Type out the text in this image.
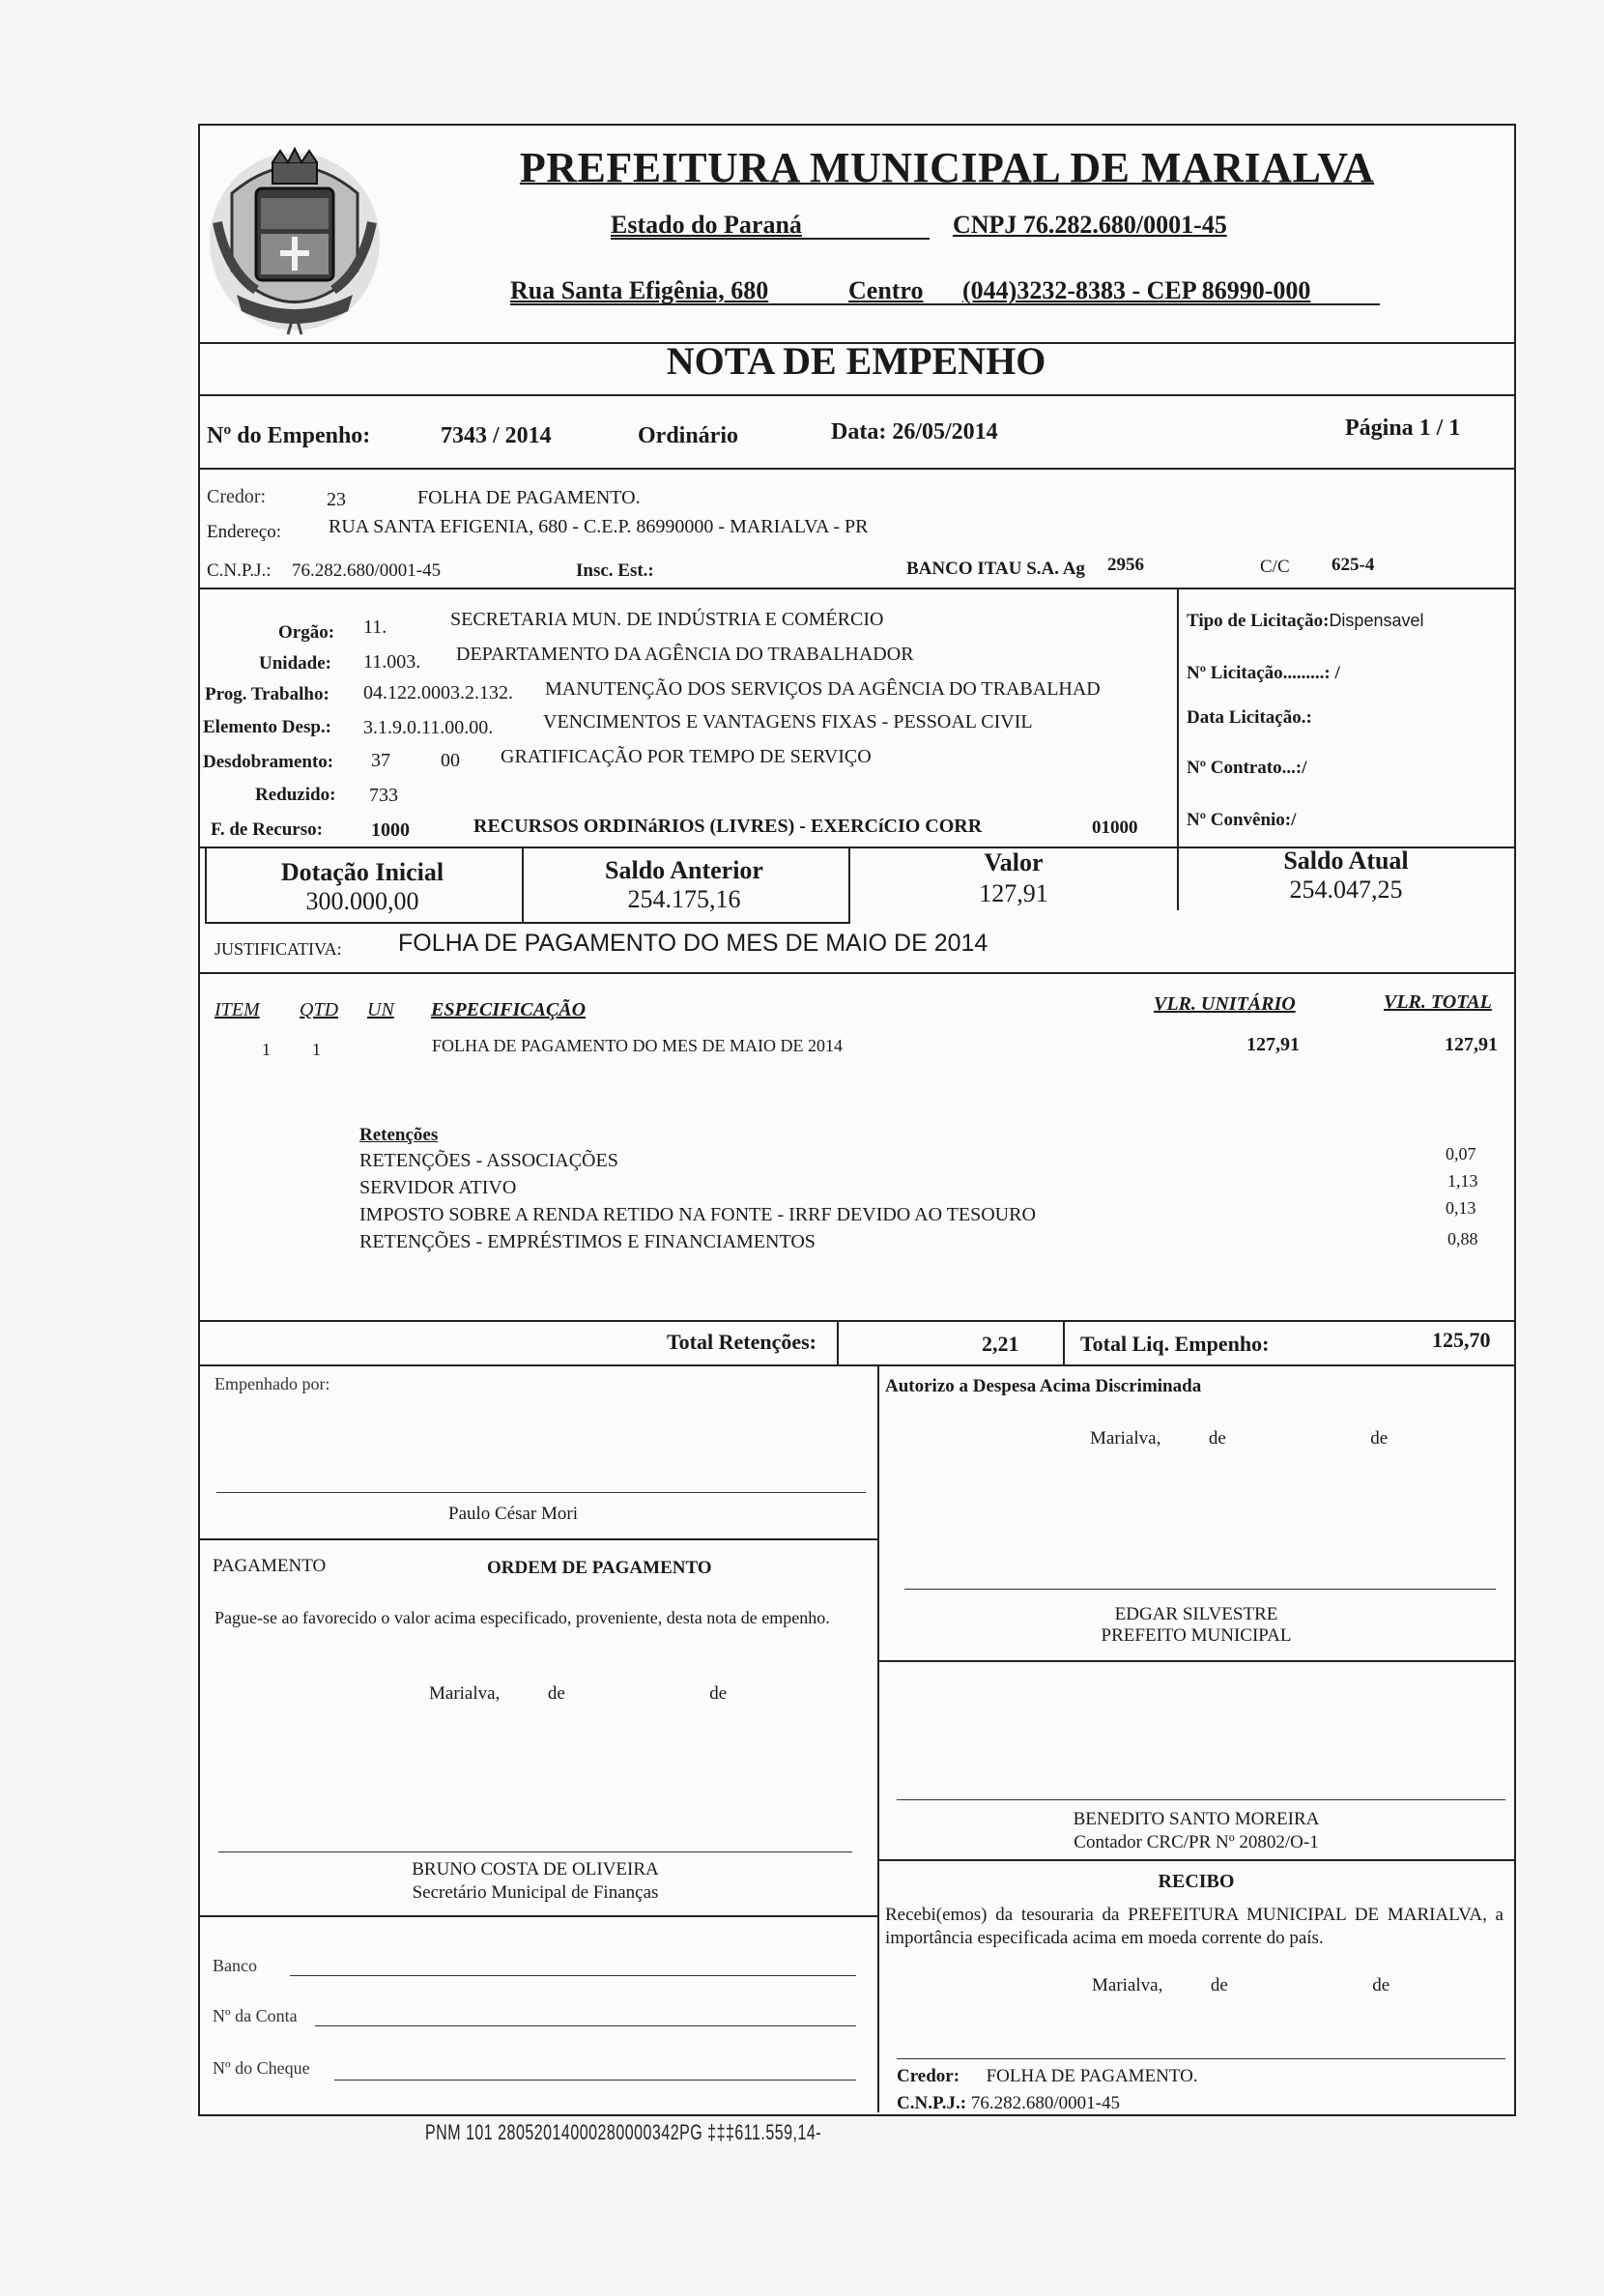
PREFEITURA MUNICIPAL DE MARIALVA
Estado do Paraná	CNPJ 76.282.680/0001-45
Rua Santa Efigênia, 680	Centro (044)3232-8383 - CEP 86990-000
NOTA DE EMPENHO
Nº do Empenho:	7343 / 2014	Ordinário	Data: 26/05/2014	Página 1 / 1
Credor:	23	FOLHA DE PAGAMENTO.
Endereço: RUA SANTA EFIGENIA, 680 - C.E.P. 86990000 - MARIALVA - PR
C.N.P.J.: 76.282.680/0001-45	Insc. Est.:	BANCO ITAU S.A. Ag 2956	C/C 625-4
Orgão: 11.	SECRETARIA MUN. DE INDÚSTRIA E COMÉRCIO
Unidade: 11.003. DEPARTAMENTO DA AGÊNCIA DO TRABALHADOR
Prog. Trabalho: 04.122.0003.2.132. MANUTENÇÃO DOS SERVIÇOS DA AGÊNCIA DO TRABALHAD
Elemento Desp.: 3.1.9.0.11.00.00.	VENCIMENTOS E VANTAGENS FIXAS - PESSOAL CIVIL
Desdobramento: 37	00 GRATIFICAÇÃO POR TEMPO DE SERVIÇO
Reduzido: 733
F. de Recurso:	1000	RECURSOS ORDINáRIOS (LIVRES) - EXERCíCIO CORR	01000
Tipo de Licitação:Dispensavel
Nº Licitação.........: /
Data Licitação.:
Nº Contrato...:/
Nº Convênio:/
Dotação Inicial
300.000,00
Saldo Anterior
254.175,16
Valor
127,91
Saldo Atual
254.047,25
JUSTIFICATIVA: FOLHA DE PAGAMENTO DO MES DE MAIO DE 2014
ITEM QTD UN ESPECIFICAÇÃO	VLR. UNITÁRIO	VLR. TOTAL
1 1	FOLHA DE PAGAMENTO DO MES DE MAIO DE 2014	127,91	127,91
Retenções
RETENÇÕES - ASSOCIAÇÕES	0,07
SERVIDOR ATIVO	1,13
IMPOSTO SOBRE A RENDA RETIDO NA FONTE - IRRF DEVIDO AO TESOURO	0,13
RETENÇÕES - EMPRÉSTIMOS E FINANCIAMENTOS	0,88
Total Retenções:	2,21	Total Liq. Empenho:	125,70
Empenhado por:
Paulo César Mori
Autorizo a Despesa Acima Discriminada
Marialva,	de	de
PAGAMENTO	ORDEM DE PAGAMENTO
Pague-se ao favorecido o valor acima especificado, proveniente, desta nota de empenho.
Marialva,	de	de
EDGAR SILVESTRE
PREFEITO MUNICIPAL
BRUNO COSTA DE OLIVEIRA
Secretário Municipal de Finanças
BENEDITO SANTO MOREIRA
Contador CRC/PR Nº 20802/O-1
RECIBO
Recebi(emos) da tesouraria da PREFEITURA MUNICIPAL DE MARIALVA, a importância especificada acima em moeda corrente do país.
Marialva,	de	de
Banco
Nº da Conta
Nº do Cheque	Credor: FOLHA DE PAGAMENTO.
C.N.P.J.: 76.282.680/0001-45
PNM 101 28052014000280000342PG ‡‡‡611.559,14-
